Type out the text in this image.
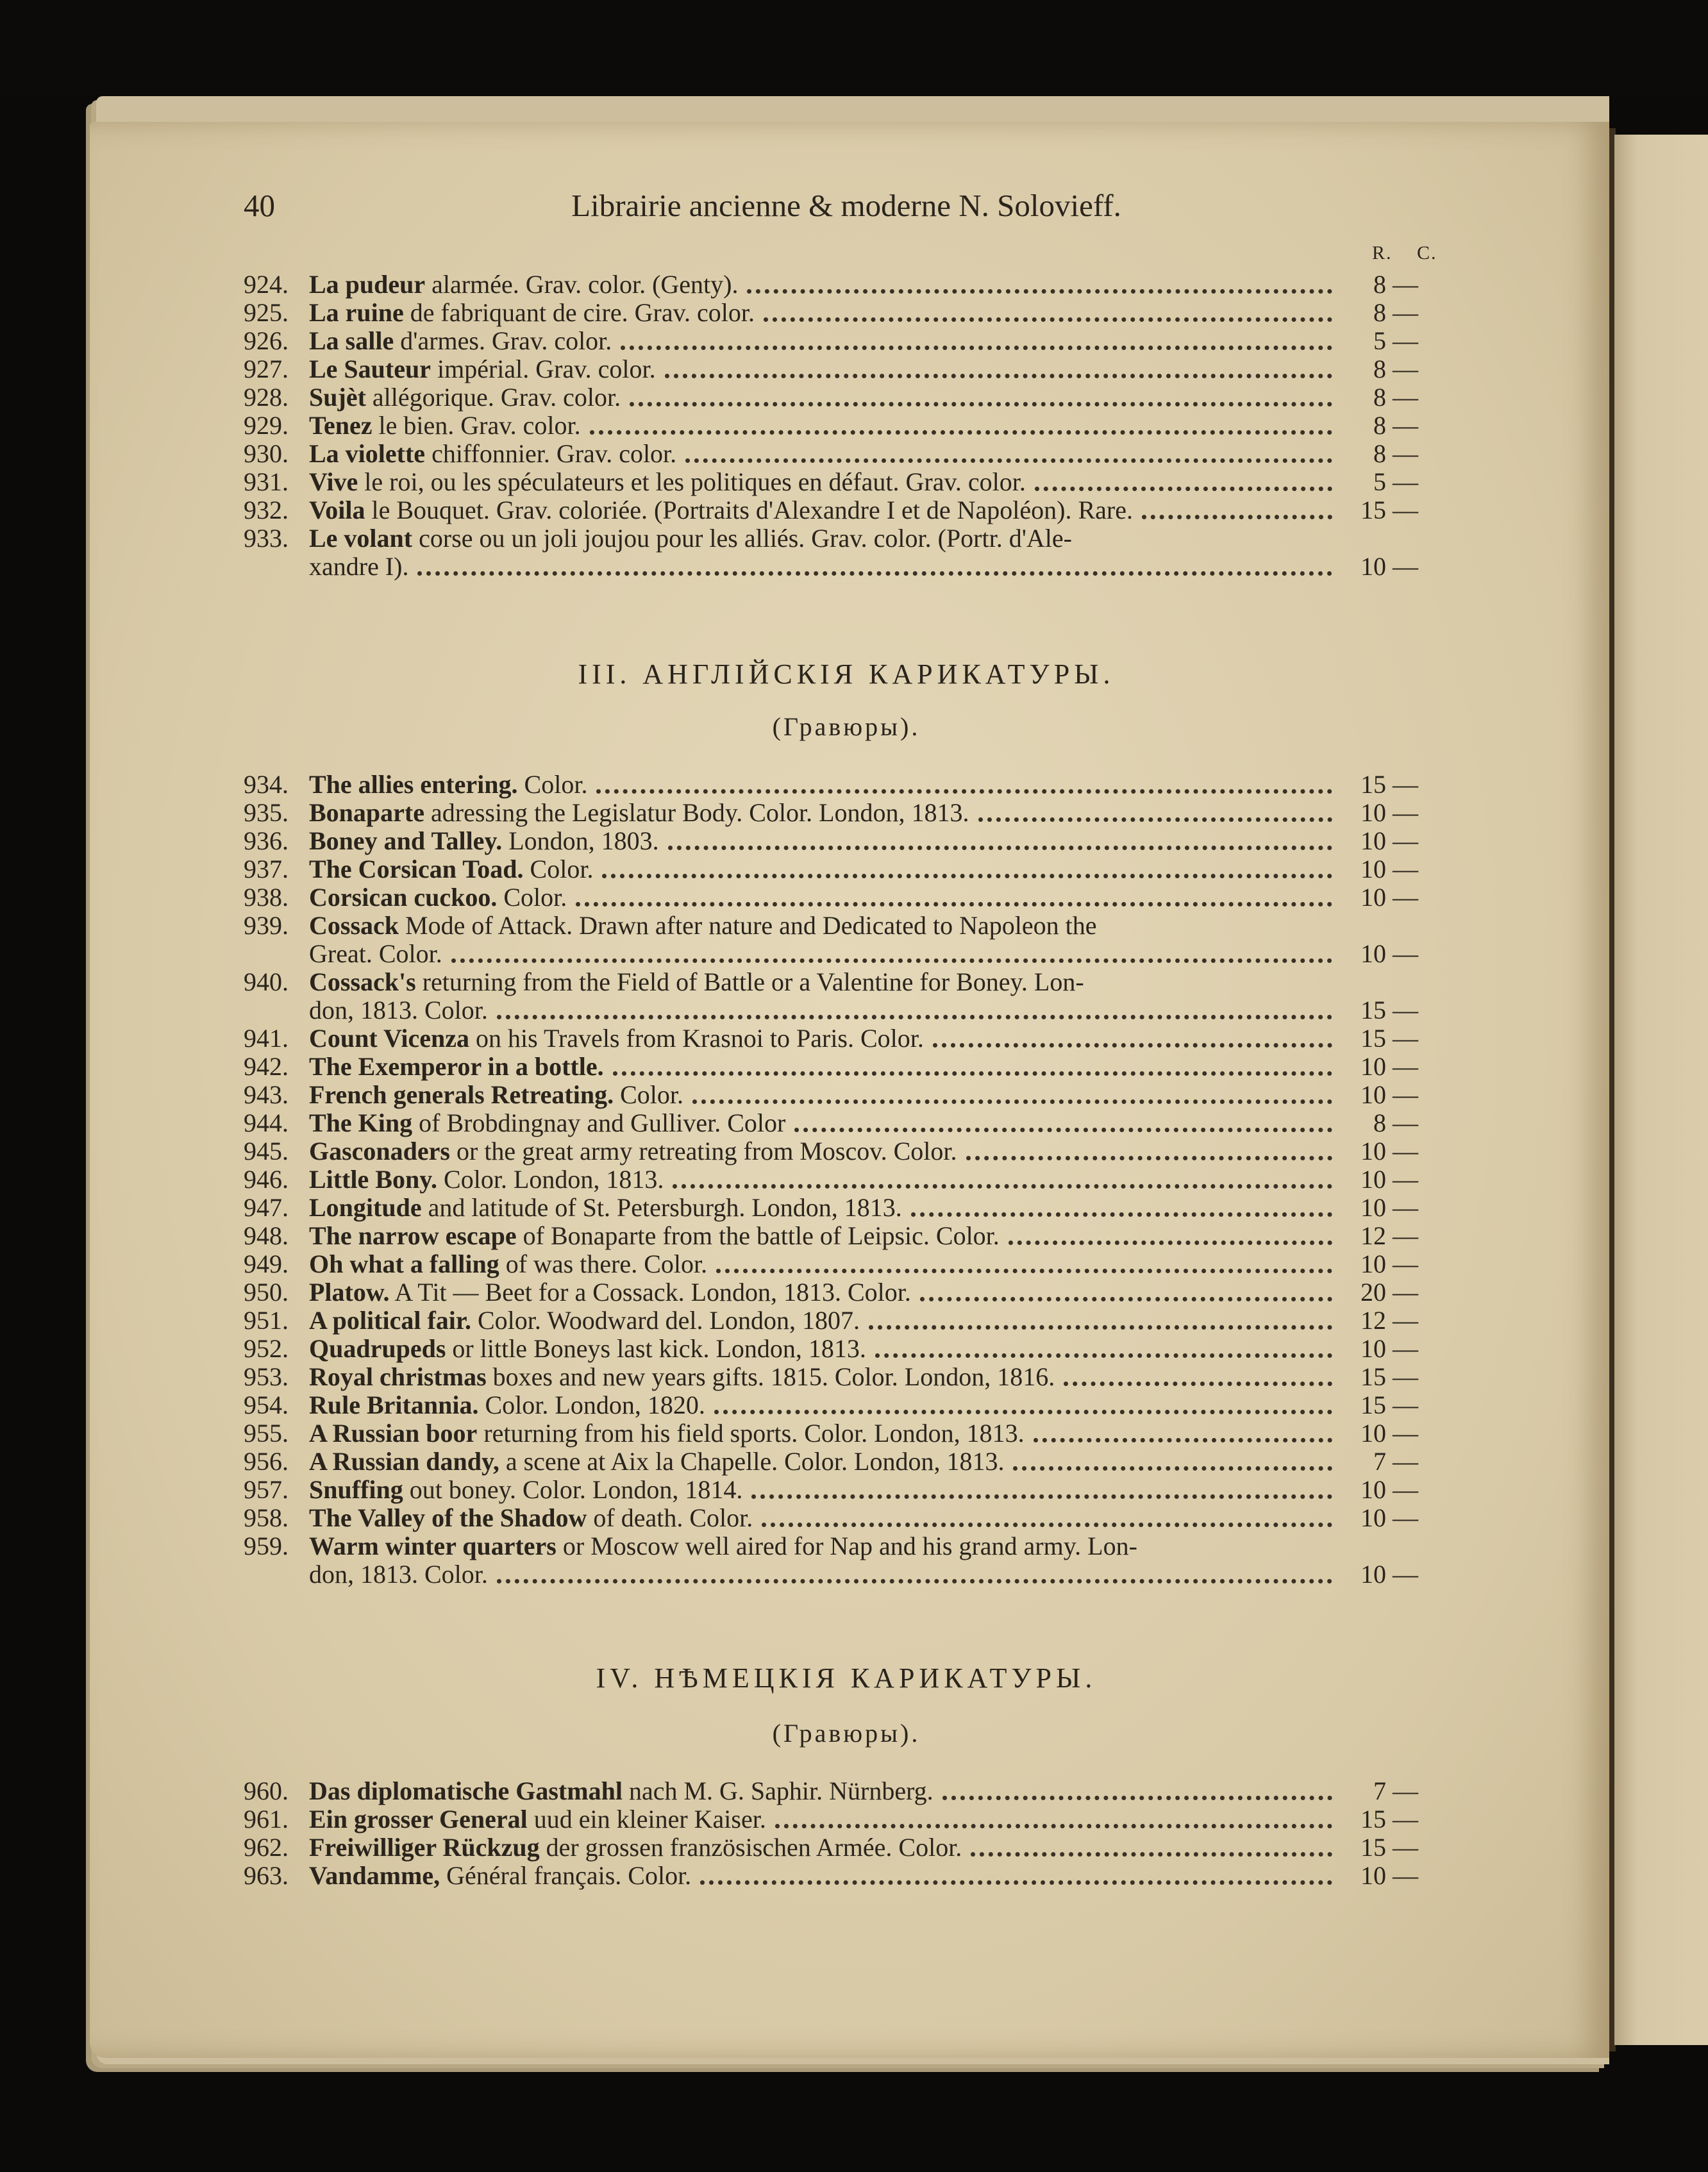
40	Librairie ancienne & moderne N. Solovieff.
R. C.
924. La pudeur alarmée. Grav. color. (Genty).	8 —
925. La ruine de fabriquant de cire. Grav. color.	8 —
926. La salle d'armes. Grav. color.	5 —
927. Le Sauteur impérial. Grav. color.	8 —
928. Sujèt allégorique. Grav. color.	8 —
929. Tenez le bien. Grav. color.	8 —
930. La violette chiffonnier. Grav. color.	8 —
931. Vive le roi, ou les spéculateurs et les politiques en défaut. Grav. color.	5 —
932. Voila le Bouquet. Grav. coloriée. (Portraits d'Alexandre I et de Napoléon). Rare.	15 —
933. Le volant corse ou un joli joujou pour les alliés. Grav. color. (Portr. d'Ale-
xandre I).	10 —
III. АНГЛІЙСКІЯ КАРИКАТУРЫ.
(Гравюры).
934. The allies entering. Color.	15 —
935. Bonaparte adressing the Legislatur Body. Color. London, 1813.	10 —
936. Boney and Talley. London, 1803.	10 —
937. The Corsican Toad. Color.	10 —
938. Corsican cuckoo. Color.	10 —
939. Cossack Mode of Attack. Drawn after nature and Dedicated to Napoleon the
Great. Color.	10 —
940. Cossack's returning from the Field of Battle or a Valentine for Boney. Lon-
don, 1813. Color.	15 —
941. Count Vicenza on his Travels from Krasnoi to Paris. Color.	15 —
942. The Exemperor in a bottle.	10 —
943. French generals Retreating. Color.	10 —
944. The King of Brobdingnay and Gulliver. Color	8 —
945. Gasconaders or the great army retreating from Moscov. Color.	10 —
946. Little Bony. Color. London, 1813.	10 —
947. Longitude and latitude of St. Petersburgh. London, 1813.	10 —
948. The narrow escape of Bonaparte from the battle of Leipsic. Color.	12 —
949. Oh what a falling of was there. Color.	10 —
950. Platow. A Tit — Beet for a Cossack. London, 1813. Color.	20 —
951. A political fair. Color. Woodward del. London, 1807.	12 —
952. Quadrupeds or little Boneys last kick. London, 1813.	10 —
953. Royal christmas boxes and new years gifts. 1815. Color. London, 1816.	15 —
954. Rule Britannia. Color. London, 1820.	15 —
955. A Russian boor returning from his field sports. Color. London, 1813.	10 —
956. A Russian dandy, a scene at Aix la Chapelle. Color. London, 1813.	7 —
957. Snuffing out boney. Color. London, 1814.	10 —
958. The Valley of the Shadow of death. Color.	10 —
959. Warm winter quarters or Moscow well aired for Nap and his grand army. Lon-
don, 1813. Color.	10 —
IV. НѢМЕЦКІЯ КАРИКАТУРЫ.
(Гравюры).
960. Das diplomatische Gastmahl nach M. G. Saphir. Nürnberg.	7 —
961. Ein grosser General uud ein kleiner Kaiser.	15 —
962. Freiwilliger Rückzug der grossen französischen Armée. Color.	15 —
963. Vandamme, Général français. Color.	10 —
